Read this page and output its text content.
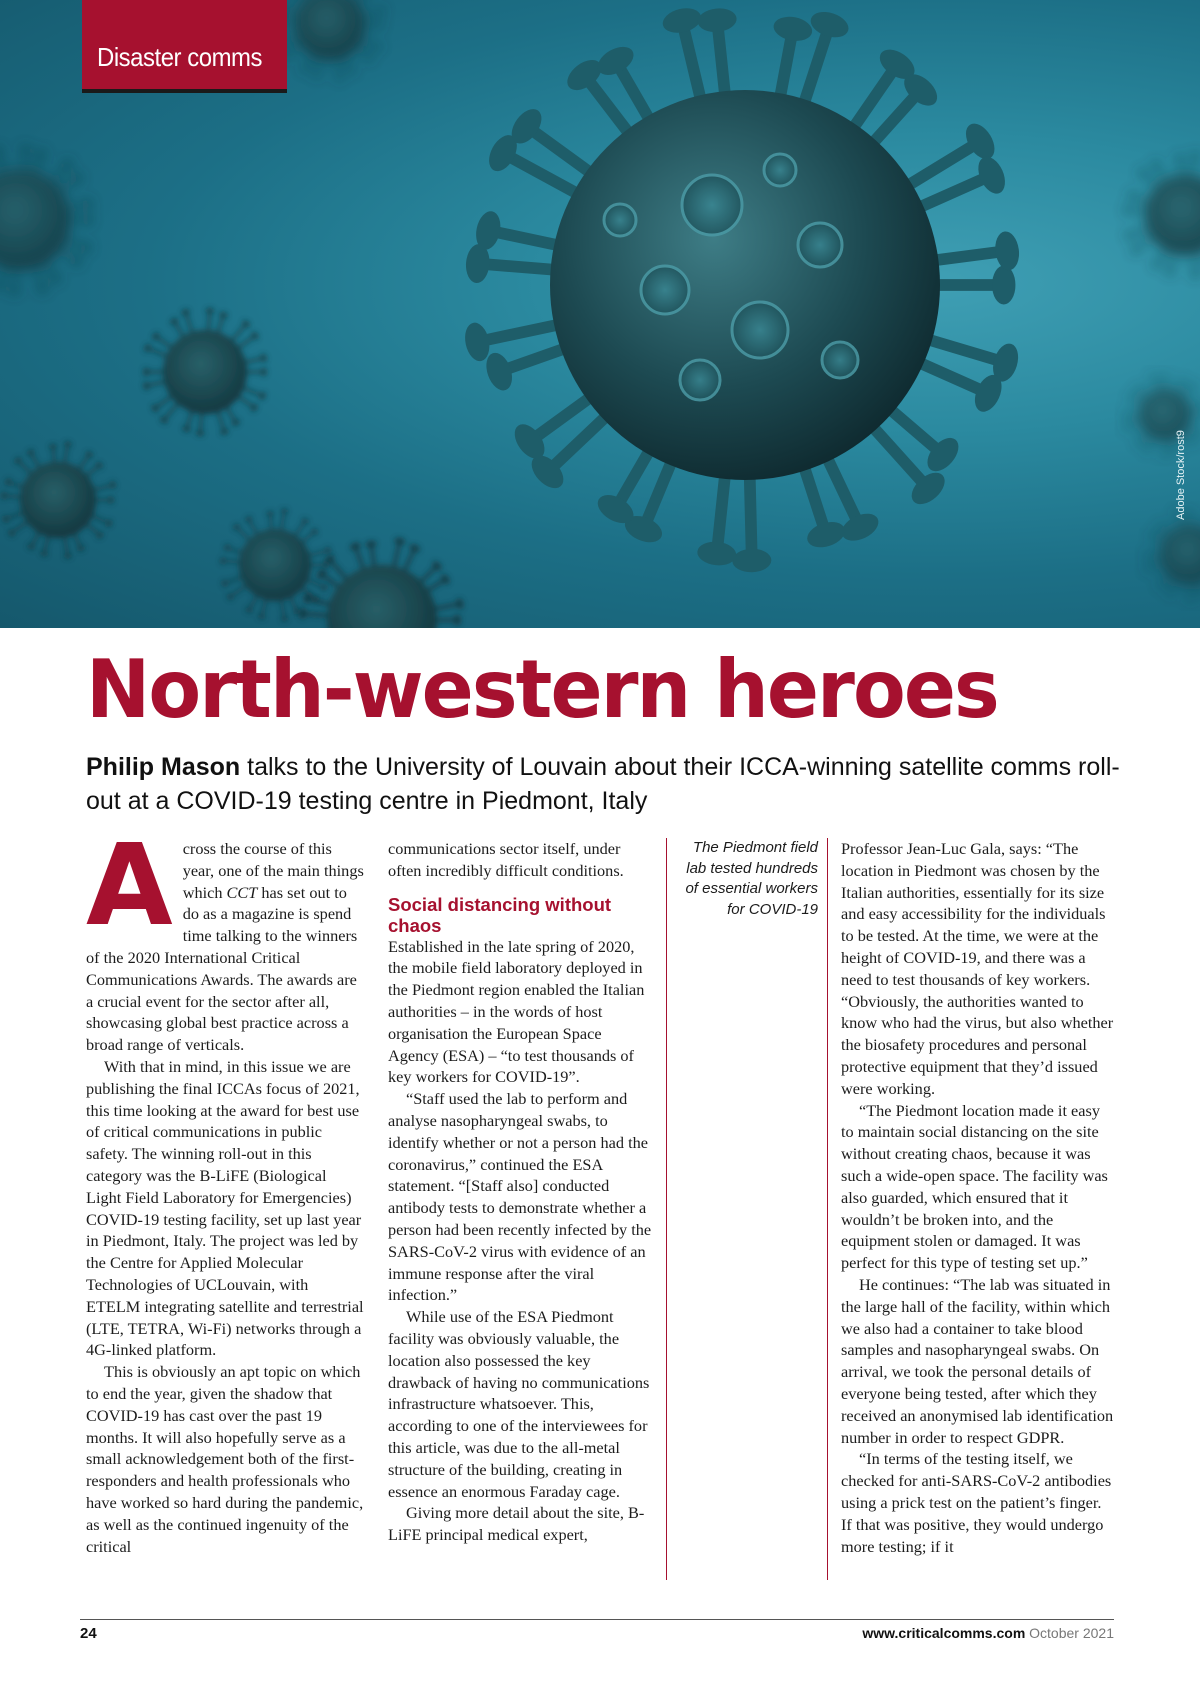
Disaster comms
Adobe Stock/rost9
North-western heroes
Philip Mason talks to the University of Louvain about their ICCA-winning satellite comms roll-out at a COVID-19 testing centre in Piedmont, Italy
A cross the course of this year, one of the main things which CCT has set out to do as a magazine is spend time talking to the winners of the 2020 International Critical Communications Awards. The awards are a crucial event for the sector after all, showcasing global best practice across a broad range of verticals.

With that in mind, in this issue we are publishing the final ICCAs focus of 2021, this time looking at the award for best use of critical communications in public safety. The winning roll-out in this category was the B-LiFE (Biological Light Field Laboratory for Emergencies) COVID-19 testing facility, set up last year in Piedmont, Italy. The project was led by the Centre for Applied Molecular Technologies of UCLouvain, with ETELM integrating satellite and terrestrial (LTE, TETRA, Wi-Fi) networks through a 4G-linked platform.

This is obviously an apt topic on which to end the year, given the shadow that COVID-19 has cast over the past 19 months. It will also hopefully serve as a small acknowledgement both of the first-responders and health professionals who have worked so hard during the pandemic, as well as the continued ingenuity of the critical

communications sector itself, under often incredibly difficult conditions.

Social distancing without chaos

Established in the late spring of 2020, the mobile field laboratory deployed in the Piedmont region enabled the Italian authorities – in the words of host organisation the European Space Agency (ESA) – “to test thousands of key workers for COVID-19”.

“Staff used the lab to perform and analyse nasopharyngeal swabs, to identify whether or not a person had the coronavirus,” continued the ESA statement. “[Staff also] conducted antibody tests to demonstrate whether a person had been recently infected by the SARS-CoV-2 virus with evidence of an immune response after the viral infection.”

While use of the ESA Piedmont facility was obviously valuable, the location also possessed the key drawback of having no communications infrastructure whatsoever. This, according to one of the interviewees for this article, was due to the all-metal structure of the building, creating in essence an enormous Faraday cage.

Giving more detail about the site, B-LiFE principal medical expert,

The Piedmont field lab tested hundreds of essential workers for COVID-19

Professor Jean-Luc Gala, says: “The location in Piedmont was chosen by the Italian authorities, essentially for its size and easy accessibility for the individuals to be tested. At the time, we were at the height of COVID-19, and there was a need to test thousands of key workers. “Obviously, the authorities wanted to know who had the virus, but also whether the biosafety procedures and personal protective equipment that they’d issued were working.

“The Piedmont location made it easy to maintain social distancing on the site without creating chaos, because it was such a wide-open space. The facility was also guarded, which ensured that it wouldn’t be broken into, and the equipment stolen or damaged. It was perfect for this type of testing set up.”

He continues: “The lab was situated in the large hall of the facility, within which we also had a container to take blood samples and nasopharyngeal swabs. On arrival, we took the personal details of everyone being tested, after which they received an anonymised lab identification number in order to respect GDPR.

“In terms of the testing itself, we checked for anti-SARS-CoV-2 antibodies using a prick test on the patient’s finger. If that was positive, they would undergo more testing; if it

24	www.criticalcomms.com October 2021
